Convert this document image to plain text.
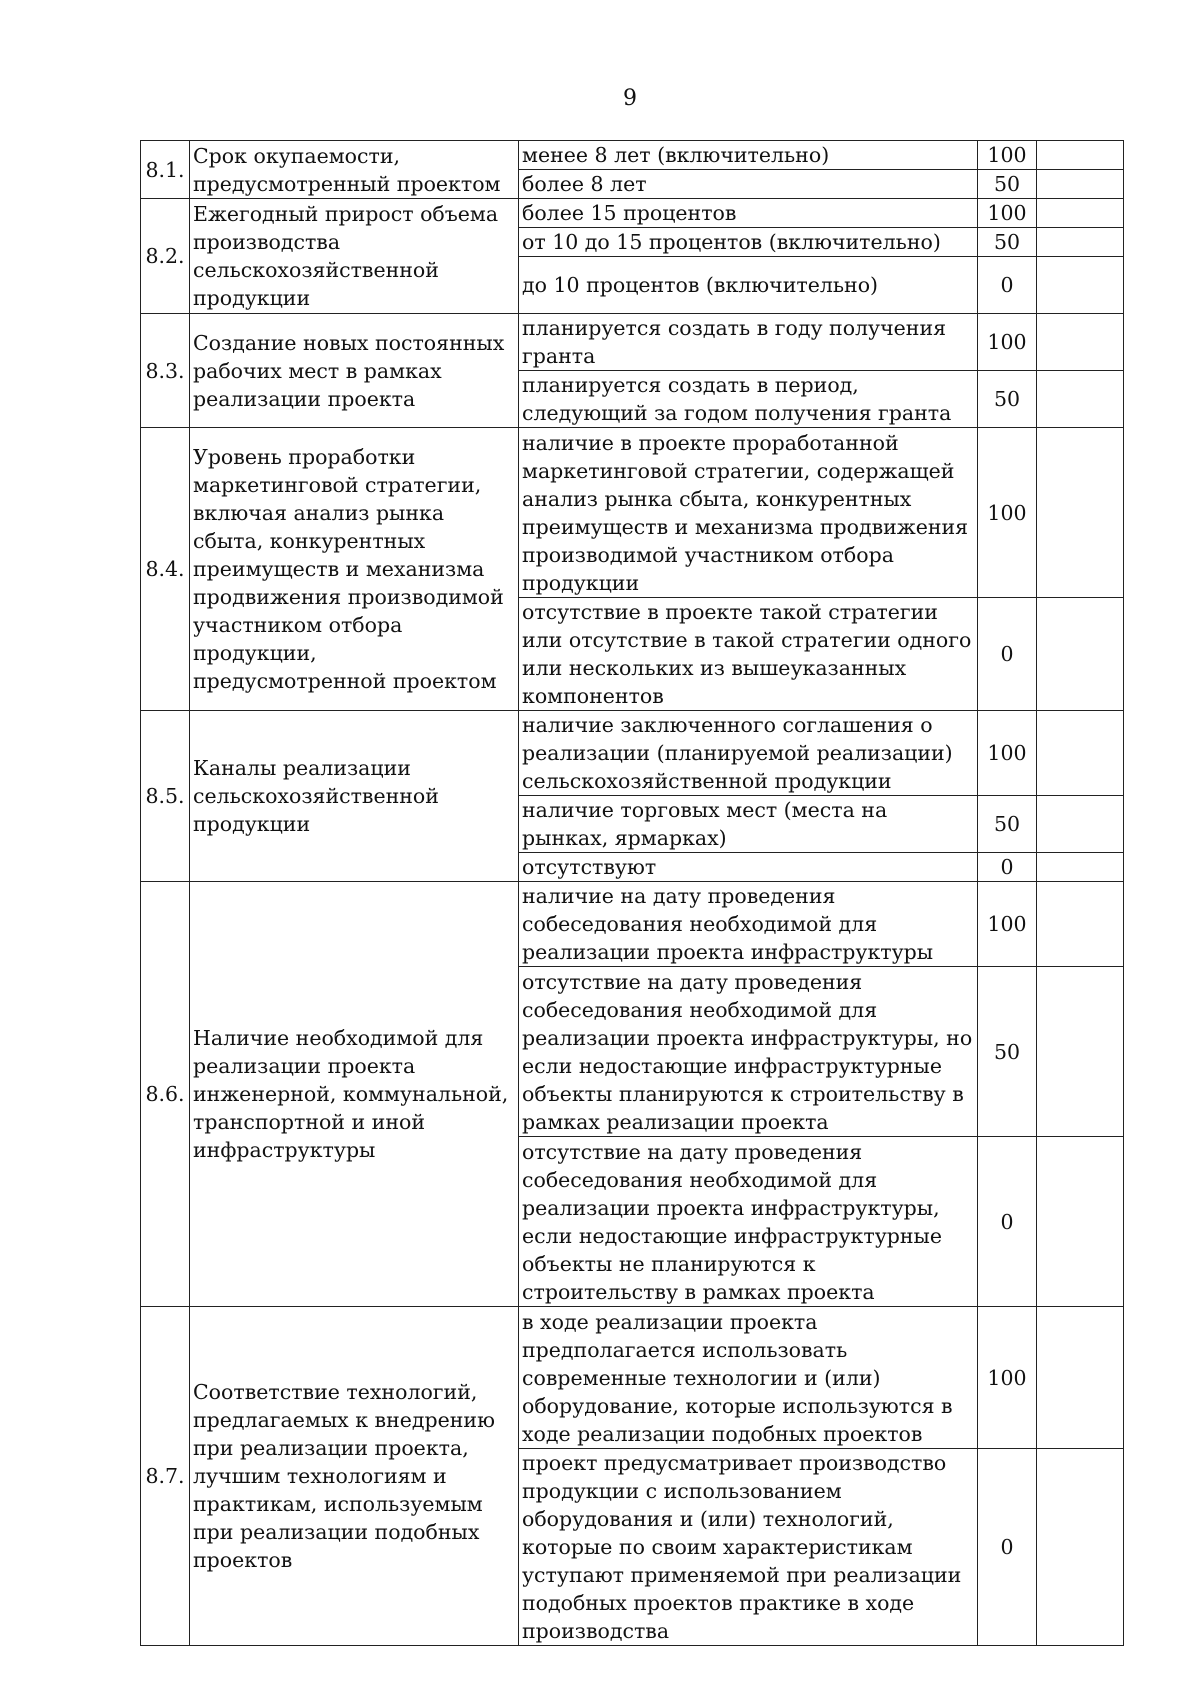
9
8.1.	Срок окупаемости, предусмотренный проектом	менее 8 лет (включительно)	100	
		более 8 лет	50	
8.2.	Ежегодный прирост объема производства сельскохозяйственной продукции	более 15 процентов	100	
		от 10 до 15 процентов (включительно)	50	
		до 10 процентов (включительно)	0	
8.3.	Создание новых постоянных рабочих мест в рамках реализации проекта	планируется создать в году получения гранта	100	
		планируется создать в период, следующий за годом получения гранта	50	
8.4.	Уровень проработки маркетинговой стратегии, включая анализ рынка сбыта, конкурентных преимуществ и механизма продвижения производимой участником отбора продукции, предусмотренной проектом	наличие в проекте проработанной маркетинговой стратегии, содержащей анализ рынка сбыта, конкурентных преимуществ и механизма продвижения производимой участником отбора продукции	100	
		отсутствие в проекте такой стратегии или отсутствие в такой стратегии одного или нескольких из вышеуказанных компонентов	0	
8.5.	Каналы реализации сельскохозяйственной продукции	наличие заключенного соглашения о реализации (планируемой реализации) сельскохозяйственной продукции	100	
		наличие торговых мест (места на рынках, ярмарках)	50	
		отсутствуют	0	
8.6.	Наличие необходимой для реализации проекта инженерной, коммунальной, транспортной и иной инфраструктуры	наличие на дату проведения собеседования необходимой для реализации проекта инфраструктуры	100	
		отсутствие на дату проведения собеседования необходимой для реализации проекта инфраструктуры, но если недостающие инфраструктурные объекты планируются к строительству в рамках реализации проекта	50	
		отсутствие на дату проведения собеседования необходимой для реализации проекта инфраструктуры, если недостающие инфраструктурные объекты не планируются к строительству в рамках проекта	0	
8.7.	Соответствие технологий, предлагаемых к внедрению при реализации проекта, лучшим технологиям и практикам, используемым при реализации подобных проектов	в ходе реализации проекта предполагается использовать современные технологии и (или) оборудование, которые используются в ходе реализации подобных проектов	100	
		проект предусматривает производство продукции с использованием оборудования и (или) технологий, которые по своим характеристикам уступают применяемой при реализации подобных проектов практике в ходе производства	0	
